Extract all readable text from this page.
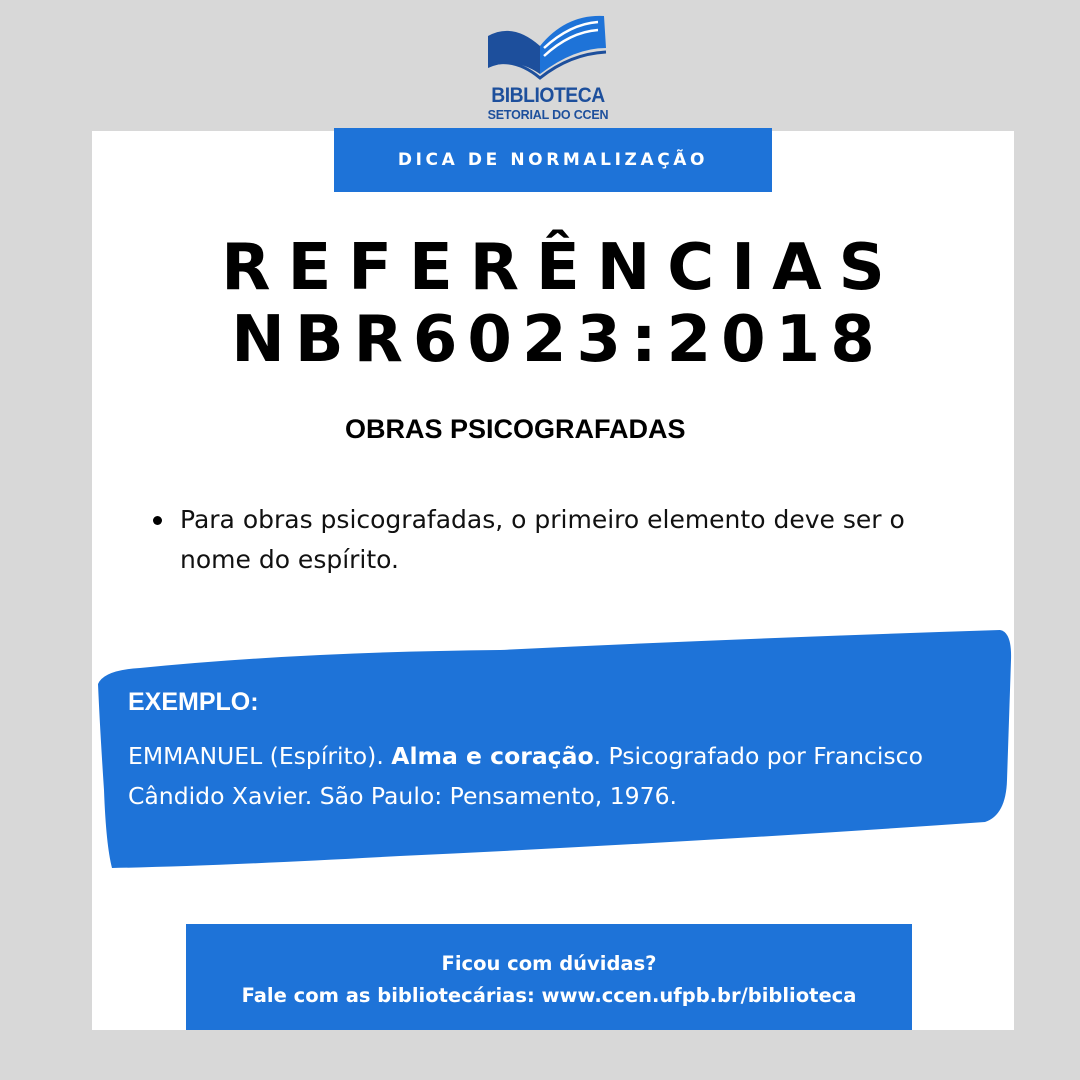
BIBLIOTECA
SETORIAL DO CCEN
DICA DE NORMALIZAÇÃO
REFERÊNCIAS
NBR6023:2018
OBRAS PSICOGRAFADAS
Para obras psicografadas, o primeiro elemento deve ser o nome do espírito.
EXEMPLO:
EMMANUEL (Espírito). Alma e coração. Psicografado por Francisco Cândido Xavier. São Paulo: Pensamento, 1976.
Ficou com dúvidas?
Fale com as bibliotecárias: www.ccen.ufpb.br/biblioteca
